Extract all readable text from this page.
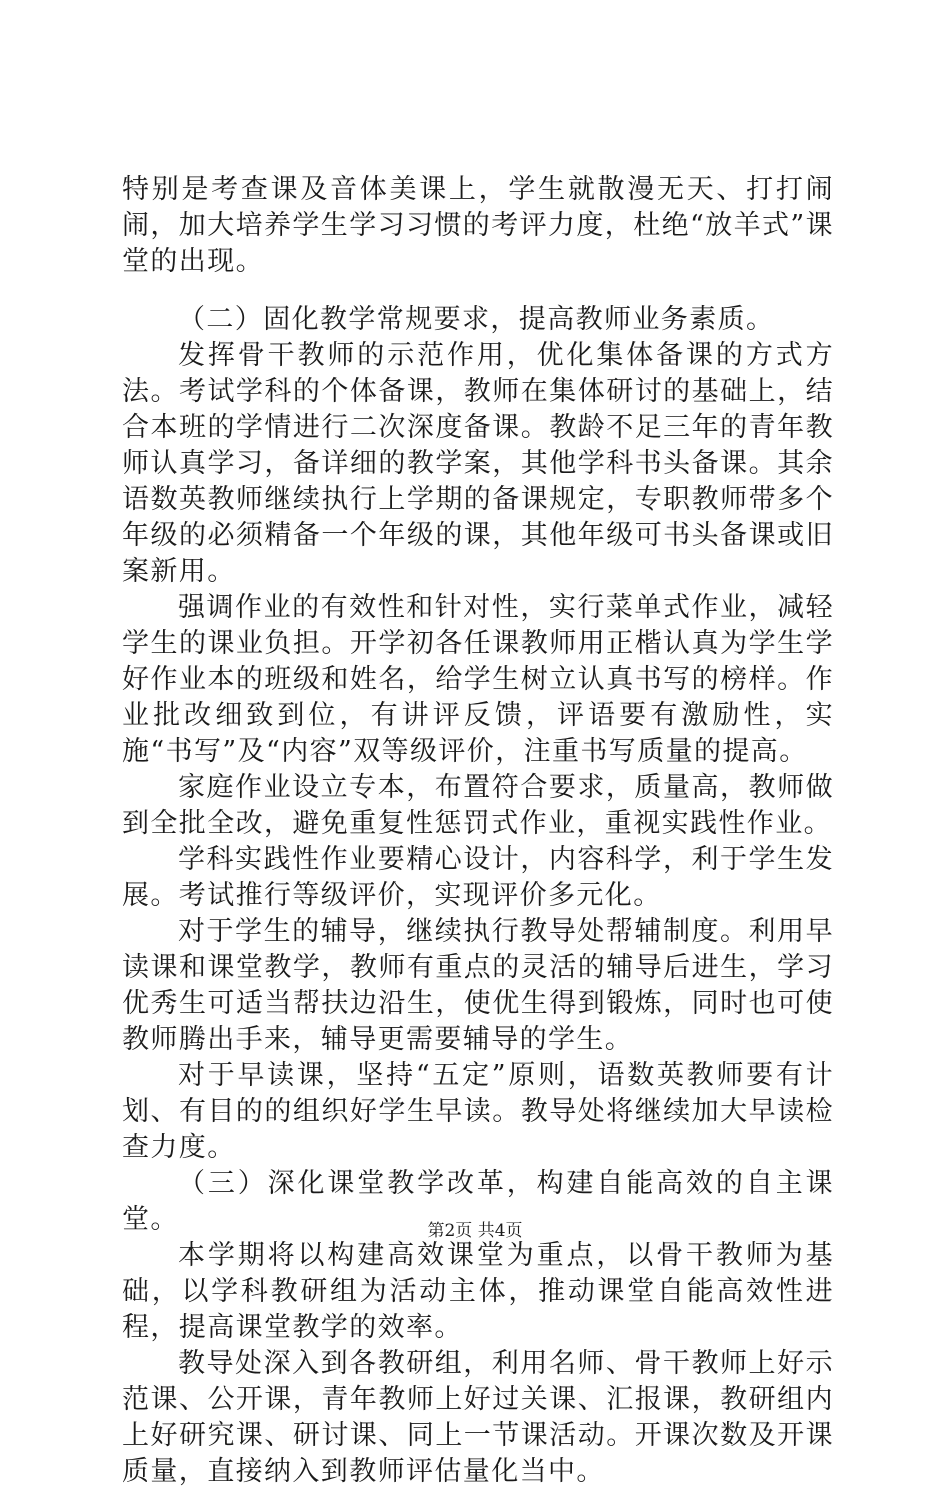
特别是考查课及音体美课上，学生就散漫无天、打打闹闹，加大培养学生学习习惯的考评力度，杜绝“放羊式”课堂的出现。

（二）固化教学常规要求，提高教师业务素质。

发挥骨干教师的示范作用，优化集体备课的方式方法。考试学科的个体备课，教师在集体研讨的基础上，结合本班的学情进行二次深度备课。教龄不足三年的青年教师认真学习，备详细的教学案，其他学科书头备课。其余语数英教师继续执行上学期的备课规定，专职教师带多个年级的必须精备一个年级的课，其他年级可书头备课或旧案新用。

强调作业的有效性和针对性，实行菜单式作业，减轻学生的课业负担。开学初各任课教师用正楷认真为学生学好作业本的班级和姓名，给学生树立认真书写的榜样。作业批改细致到位，有讲评反馈，评语要有激励性，实施“书写”及“内容”双等级评价，注重书写质量的提高。

家庭作业设立专本，布置符合要求，质量高，教师做到全批全改，避免重复性惩罚式作业，重视实践性作业。

学科实践性作业要精心设计，内容科学，利于学生发展。考试推行等级评价，实现评价多元化。

对于学生的辅导，继续执行教导处帮辅制度。利用早读课和课堂教学，教师有重点的灵活的辅导后进生，学习优秀生可适当帮扶边沿生，使优生得到锻炼，同时也可使教师腾出手来，辅导更需要辅导的学生。

对于早读课，坚持“五定”原则，语数英教师要有计划、有目的的组织好学生早读。教导处将继续加大早读检查力度。

（三）深化课堂教学改革，构建自能高效的自主课堂。

本学期将以构建高效课堂为重点，以骨干教师为基础，以学科教研组为活动主体，推动课堂自能高效性进程，提高课堂教学的效率。

教导处深入到各教研组，利用名师、骨干教师上好示范课、公开课，青年教师上好过关课、汇报课，教研组内上好研究课、研讨课、同上一节课活动。开课次数及开课质量，直接纳入到教师评估量化当中。

第2页 共4页
